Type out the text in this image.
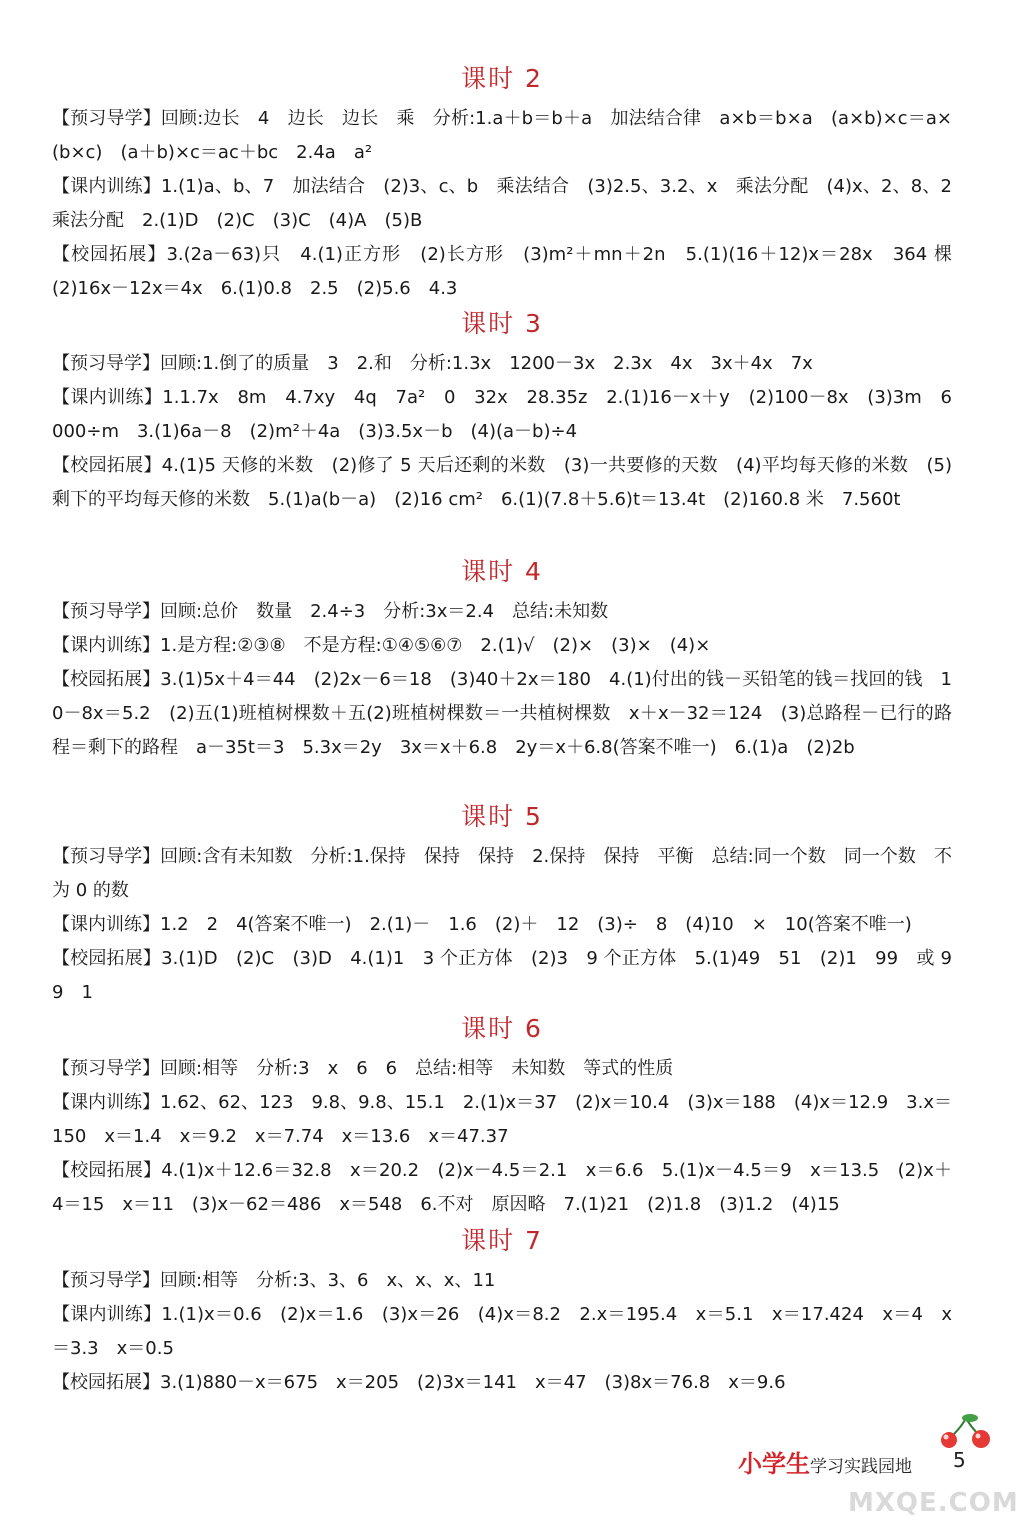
课时 2
【预习导学】回顾:边长　4　边长　边长　乘　分析:1.a＋b＝b＋a　加法结合律　a×b＝b×a　(a×b)×c＝a×(b×c)　(a＋b)×c＝ac＋bc　2.4a　a²
【课内训练】1.(1)a、b、7　加法结合　(2)3、c、b　乘法结合　(3)2.5、3.2、x　乘法分配　(4)x、2、8、2　乘法分配　2.(1)D　(2)C　(3)C　(4)A　(5)B
【校园拓展】3.(2a－63)只　4.(1)正方形　(2)长方形　(3)m²＋mn＋2n　5.(1)(16＋12)x＝28x　364 棵　(2)16x－12x＝4x　6.(1)0.8　2.5　(2)5.6　4.3
课时 3
【预习导学】回顾:1.倒了的质量　3　2.和　分析:1.3x　1200－3x　2.3x　4x　3x＋4x　7x
【课内训练】1.1.7x　8m　4.7xy　4q　7a²　0　32x　28.35z　2.(1)16－x＋y　(2)100－8x　(3)3m　6000÷m　3.(1)6a－8　(2)m²＋4a　(3)3.5x－b　(4)(a－b)÷4
【校园拓展】4.(1)5 天修的米数　(2)修了 5 天后还剩的米数　(3)一共要修的天数　(4)平均每天修的米数　(5)剩下的平均每天修的米数　5.(1)a(b－a)　(2)16 cm²　6.(1)(7.8＋5.6)t＝13.4t　(2)160.8 米　7.560t
课时 4
【预习导学】回顾:总价　数量　2.4÷3　分析:3x＝2.4　总结:未知数
【课内训练】1.是方程:②③⑧　不是方程:①④⑤⑥⑦　2.(1)√　(2)×　(3)×　(4)×
【校园拓展】3.(1)5x＋4＝44　(2)2x－6＝18　(3)40＋2x＝180　4.(1)付出的钱－买铅笔的钱＝找回的钱　10－8x＝5.2　(2)五(1)班植树棵数＋五(2)班植树棵数＝一共植树棵数　x＋x－32＝124　(3)总路程－已行的路程＝剩下的路程　a－35t＝3　5.3x＝2y　3x＝x＋6.8　2y＝x＋6.8(答案不唯一)　6.(1)a　(2)2b
课时 5
【预习导学】回顾:含有未知数　分析:1.保持　保持　保持　2.保持　保持　平衡　总结:同一个数　同一个数　不为 0 的数
【课内训练】1.2　2　4(答案不唯一)　2.(1)－　1.6　(2)＋　12　(3)÷　8　(4)10　×　10(答案不唯一)
【校园拓展】3.(1)D　(2)C　(3)D　4.(1)1　3 个正方体　(2)3　9 个正方体　5.(1)49　51　(2)1　99　或 99　1
课时 6
【预习导学】回顾:相等　分析:3　x　6　6　总结:相等　未知数　等式的性质
【课内训练】1.62、62、123　9.8、9.8、15.1　2.(1)x＝37　(2)x＝10.4　(3)x＝188　(4)x＝12.9　3.x＝150　x＝1.4　x＝9.2　x＝7.74　x＝13.6　x＝47.37
【校园拓展】4.(1)x＋12.6＝32.8　x＝20.2　(2)x－4.5＝2.1　x＝6.6　5.(1)x－4.5＝9　x＝13.5　(2)x＋4＝15　x＝11　(3)x－62＝486　x＝548　6.不对　原因略　7.(1)21　(2)1.8　(3)1.2　(4)15
课时 7
【预习导学】回顾:相等　分析:3、3、6　x、x、x、11
【课内训练】1.(1)x＝0.6　(2)x＝1.6　(3)x＝26　(4)x＝8.2　2.x＝195.4　x＝5.1　x＝17.424　x＝4　x＝3.3　x＝0.5
【校园拓展】3.(1)880－x＝675　x＝205　(2)3x＝141　x＝47　(3)8x＝76.8　x＝9.6
小学生学习实践园地 5
MXQE.COM
